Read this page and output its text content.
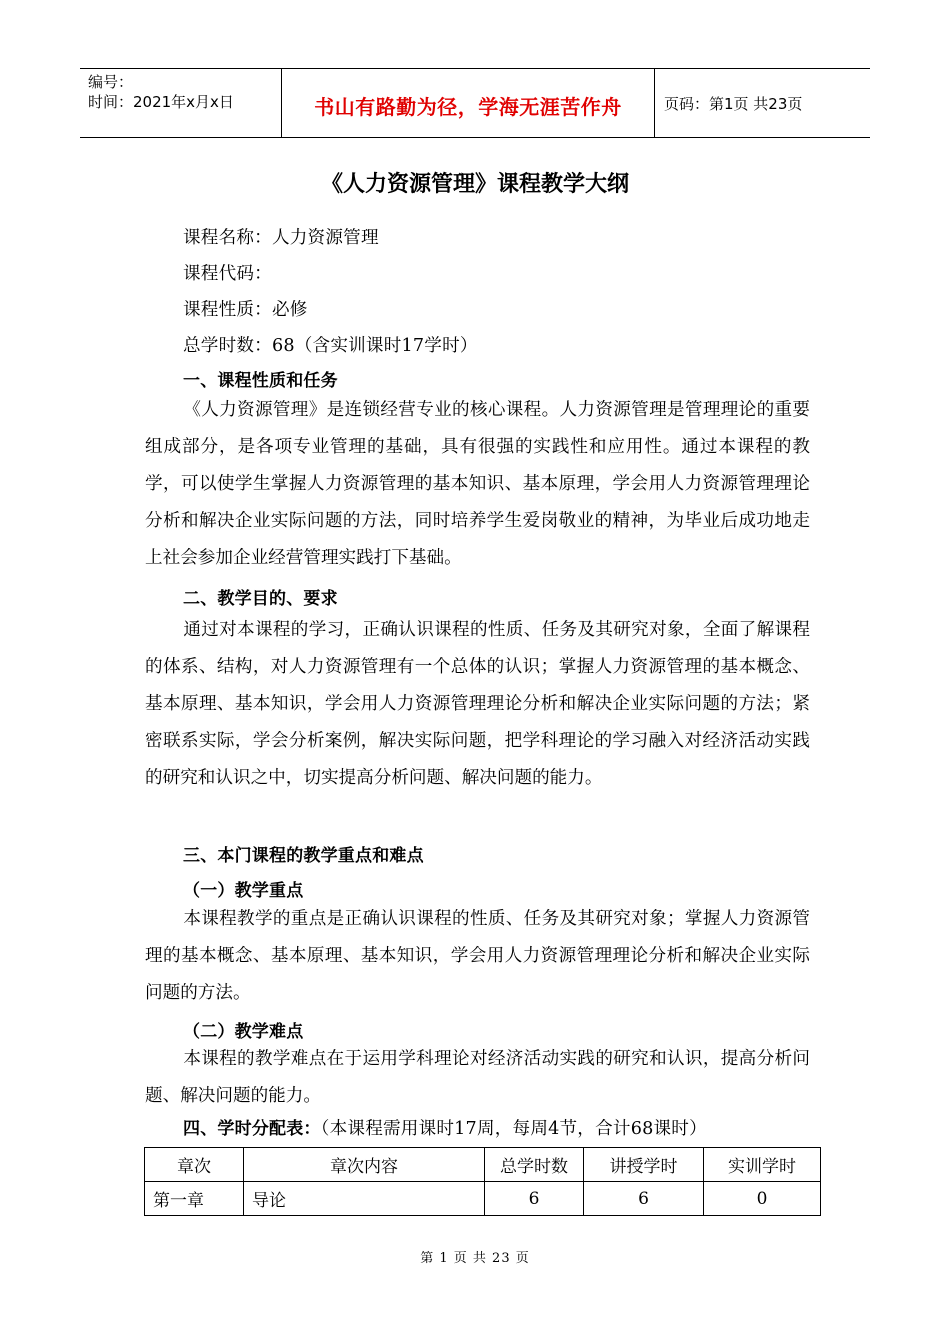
编号：
时间：2021年x月x日	书山有路勤为径，学海无涯苦作舟	页码：第1页 共23页
《人力资源管理》课程教学大纲
课程名称：人力资源管理
课程代码：
课程性质：必修
总学时数：68（含实训课时17学时）
一、课程性质和任务
《人力资源管理》是连锁经营专业的核心课程。人力资源管理是管理理论的重要组成部分，是各项专业管理的基础，具有很强的实践性和应用性。通过本课程的教学，可以使学生掌握人力资源管理的基本知识、基本原理，学会用人力资源管理理论分析和解决企业实际问题的方法，同时培养学生爱岗敬业的精神，为毕业后成功地走上社会参加企业经营管理实践打下基础。
二、教学目的、要求
通过对本课程的学习，正确认识课程的性质、任务及其研究对象，全面了解课程的体系、结构，对人力资源管理有一个总体的认识；掌握人力资源管理的基本概念、基本原理、基本知识，学会用人力资源管理理论分析和解决企业实际问题的方法；紧密联系实际，学会分析案例，解决实际问题，把学科理论的学习融入对经济活动实践的研究和认识之中，切实提高分析问题、解决问题的能力。
三、本门课程的教学重点和难点
（一）教学重点
本课程教学的重点是正确认识课程的性质、任务及其研究对象；掌握人力资源管理的基本概念、基本原理、基本知识，学会用人力资源管理理论分析和解决企业实际问题的方法。
（二）教学难点
本课程的教学难点在于运用学科理论对经济活动实践的研究和认识，提高分析问题、解决问题的能力。
四、学时分配表：（本课程需用课时17周，每周4节，合计68课时）
章次	章次内容	总学时数	讲授学时	实训学时
第一章	导论	6	6	0
第 1 页 共 23 页
